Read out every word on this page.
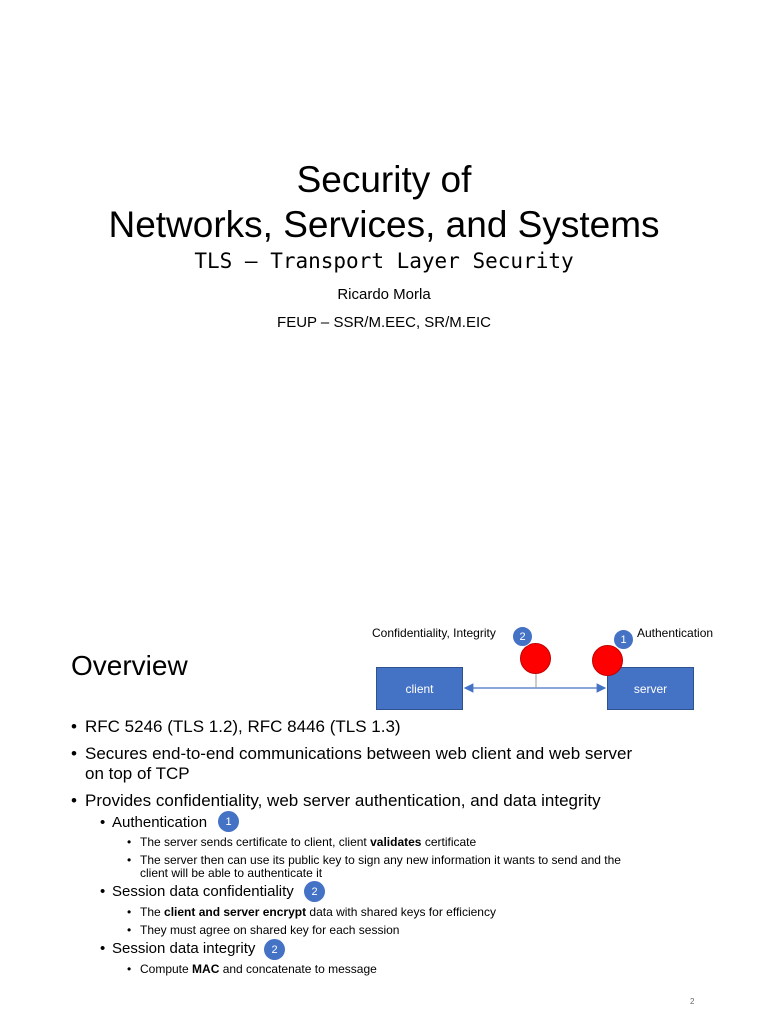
Security of
Networks, Services, and Systems
TLS – Transport Layer Security
Ricardo Morla
FEUP – SSR/M.EEC, SR/M.EIC
Overview
client	server
Confidentiality, Integrity	Authentication
2	1
• RFC 5246 (TLS 1.2), RFC 8446 (TLS 1.3)
• Secures end-to-end communications between web client and web server
on top of TCP
• Provides confidentiality, web server authentication, and data integrity
• Authentication	1
• The server sends certificate to client, client validates certificate
• The server then can use its public key to sign any new information it wants to send and the
client will be able to authenticate it
• Session data confidentiality	2
• The client and server encrypt data with shared keys for efficiency
• They must agree on shared key for each session
• Session data integrity	2
• Compute MAC and concatenate to message
2
